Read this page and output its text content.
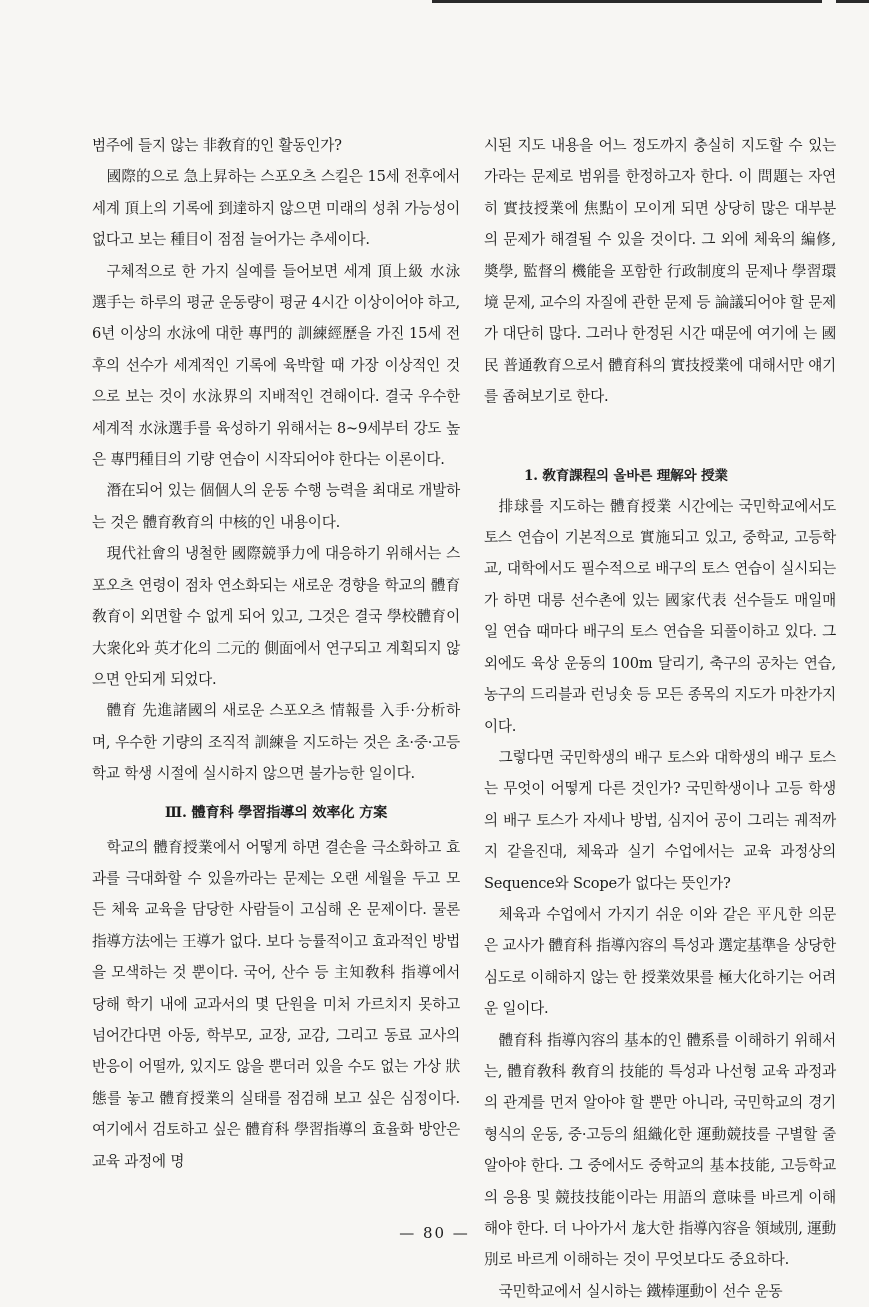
범주에 들지 않는 非敎育的인 활동인가?

國際的으로 急上昇하는 스포오츠 스킬은 15세 전후에서 세계 頂上의 기록에 到達하지 않으면 미래의 성취 가능성이 없다고 보는 種目이 점점 늘어가는 추세이다.

구체적으로 한 가지 실예를 들어보면 세계 頂上級 水泳選手는 하루의 평균 운동량이 평균 4시간 이상이어야 하고, 6년 이상의 水泳에 대한 專門的 訓練經歷을 가진 15세 전후의 선수가 세계적인 기록에 육박할 때 가장 이상적인 것으로 보는 것이 水泳界의 지배적인 견해이다. 결국 우수한 세계적 水泳選手를 육성하기 위해서는 8~9세부터 강도 높은 專門種目의 기량 연습이 시작되어야 한다는 이론이다.

潛在되어 있는 個個人의 운동 수행 능력을 최대로 개발하는 것은 體育敎育의 中核的인 내용이다.

現代社會의 냉철한 國際競爭力에 대응하기 위해서는 스포오츠 연령이 점차 연소화되는 새로운 경향을 학교의 體育敎育이 외면할 수 없게 되어 있고, 그것은 결국 學校體育이 大衆化와 英才化의 二元的 側面에서 연구되고 계획되지 않으면 안되게 되었다.

體育 先進諸國의 새로운 스포오츠 情報를 入手·分析하며, 우수한 기량의 조직적 訓練을 지도하는 것은 초·중·고등학교 학생 시절에 실시하지 않으면 불가능한 일이다.

Ⅲ. 體育科 學習指導의 效率化 方案

학교의 體育授業에서 어떻게 하면 결손을 극소화하고 효과를 극대화할 수 있을까라는 문제는 오랜 세월을 두고 모든 체육 교육을 담당한 사람들이 고심해 온 문제이다. 물론 指導方法에는 王導가 없다. 보다 능률적이고 효과적인 방법을 모색하는 것 뿐이다. 국어, 산수 등 主知敎科 指導에서 당해 학기 내에 교과서의 몇 단원을 미처 가르치지 못하고 넘어간다면 아동, 학부모, 교장, 교감, 그리고 동료 교사의 반응이 어떨까, 있지도 않을 뿐더러 있을 수도 없는 가상 狀態를 놓고 體育授業의 실태를 점검해 보고 싶은 심정이다. 여기에서 검토하고 싶은 體育科 學習指導의 효율화 방안은 교육 과정에 명

시된 지도 내용을 어느 정도까지 충실히 지도할 수 있는가라는 문제로 범위를 한정하고자 한다. 이 問題는 자연히 實技授業에 焦點이 모이게 되면 상당히 많은 대부분의 문제가 해결될 수 있을 것이다. 그 외에 체육의 編修, 奬學, 監督의 機能을 포함한 行政制度의 문제나 學習環境 문제, 교수의 자질에 관한 문제 등 論議되어야 할 문제가 대단히 많다. 그러나 한정된 시간 때문에 여기에 는 國民 普通敎育으로서 體育科의 實技授業에 대해서만 얘기를 좁혀보기로 한다.

1. 敎育課程의 올바른 理解와 授業

排球를 지도하는 體育授業 시간에는 국민학교에서도 토스 연습이 기본적으로 實施되고 있고, 중학교, 고등학교, 대학에서도 필수적으로 배구의 토스 연습이 실시되는가 하면 대릉 선수촌에 있는 國家代表 선수들도 매일매일 연습 때마다 배구의 토스 연습을 되풀이하고 있다. 그 외에도 육상 운동의 100m 달리기, 축구의 공차는 연습, 농구의 드리블과 런닝숏 등 모든 종목의 지도가 마찬가지이다.

그렇다면 국민학생의 배구 토스와 대학생의 배구 토스는 무엇이 어떻게 다른 것인가? 국민학생이나 고등 학생의 배구 토스가 자세나 방법, 심지어 공이 그리는 궤적까지 같을진대, 체육과 실기 수업에서는 교육 과정상의 Sequence와 Scope가 없다는 뜻인가?

체육과 수업에서 가지기 쉬운 이와 같은 平凡한 의문은 교사가 體育科 指導內容의 특성과 選定基準을 상당한 심도로 이해하지 않는 한 授業效果를 極大化하기는 어려운 일이다.

體育科 指導內容의 基本的인 體系를 이해하기 위해서는, 體育敎科 敎育의 技能的 특성과 나선형 교육 과정과의 관계를 먼저 알아야 할 뿐만 아니라, 국민학교의 경기 형식의 운동, 중·고등의 組織化한 運動競技를 구별할 줄 알아야 한다. 그 중에서도 중학교의 基本技能, 고등학교의 응용 및 競技技能이라는 用語의 意味를 바르게 이해해야 한다. 더 나아가서 尨大한 指導內容을 領域別, 運動別로 바르게 이해하는 것이 무엇보다도 중요하다.

국민학교에서 실시하는 鐵棒運動이 선수 운동

— 80 —
